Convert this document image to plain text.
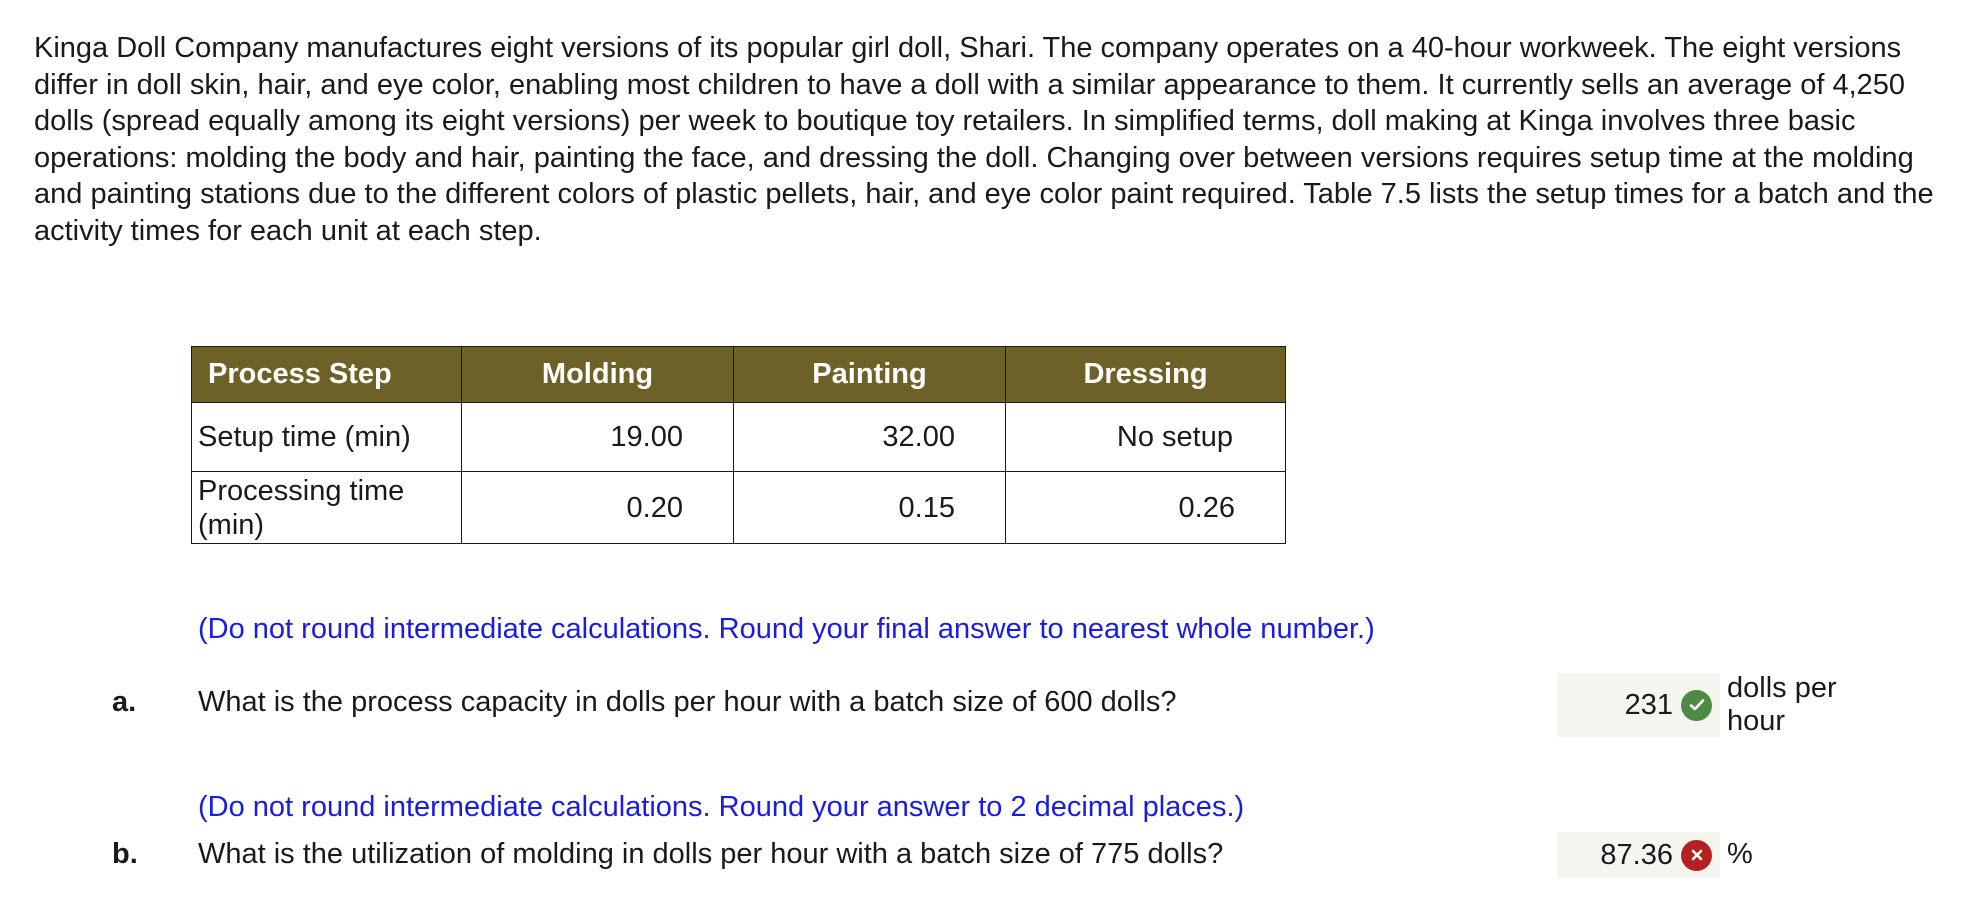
Kinga Doll Company manufactures eight versions of its popular girl doll, Shari. The company operates on a 40-hour workweek. The eight versions differ in doll skin, hair, and eye color, enabling most children to have a doll with a similar appearance to them. It currently sells an average of 4,250 dolls (spread equally among its eight versions) per week to boutique toy retailers. In simplified terms, doll making at Kinga involves three basic operations: molding the body and hair, painting the face, and dressing the doll. Changing over between versions requires setup time at the molding and painting stations due to the different colors of plastic pellets, hair, and eye color paint required. Table 7.5 lists the setup times for a batch and the activity times for each unit at each step.
Process Step	Molding	Painting	Dressing
Setup time (min)	19.00	32.00	No setup
Processing time (min)	0.20	0.15	0.26
(Do not round intermediate calculations. Round your final answer to nearest whole number.)
a. What is the process capacity in dolls per hour with a batch size of 600 dolls?	231
dolls per hour
(Do not round intermediate calculations. Round your answer to 2 decimal places.)
b. What is the utilization of molding in dolls per hour with a batch size of 775 dolls?	87.36 %
